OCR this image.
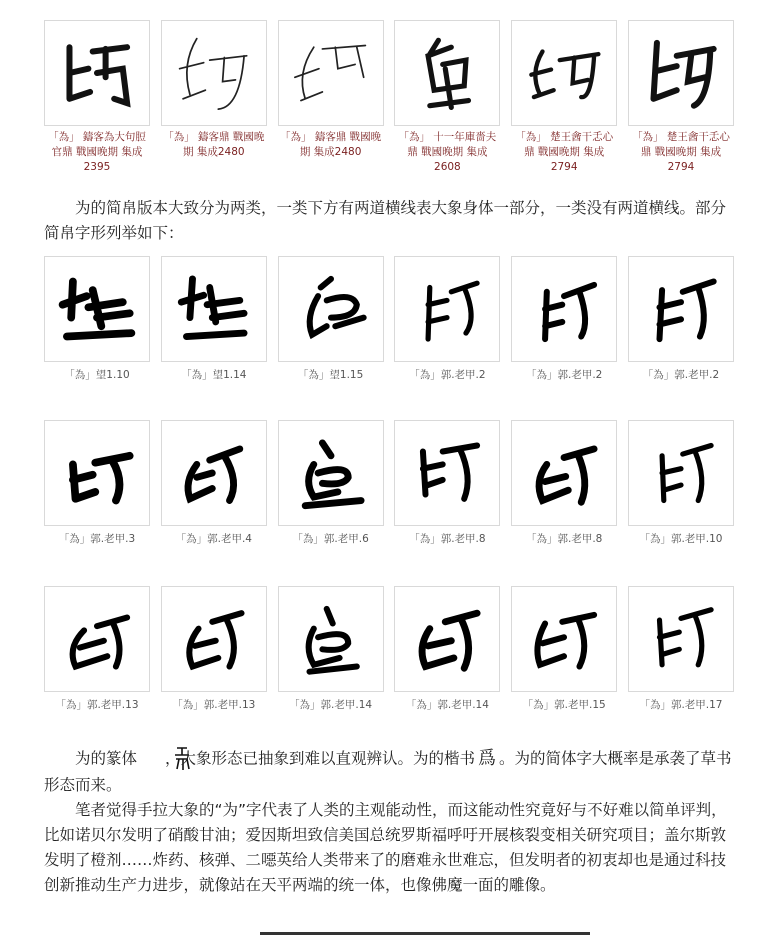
「為」 鑄客為大句脰官鼎 戰國晚期 集成2395
「為」 鑄客鼎 戰國晚期 集成2480
「為」 鑄客鼎 戰國晚期 集成2480
「為」 十一年庫嗇夫鼎 戰國晚期 集成2608
「為」 楚王酓干忎心鼎 戰國晚期 集成2794
「為」 楚王酓干忎心鼎 戰國晚期 集成2794

为的简帛版本大致分为两类，一类下方有两道横线表大象身体一部分，一类没有两道横线。部分简帛字形列举如下：

「為」望1.10	「為」望1.14	「為」望1.15	「為」郭.老甲.2	「為」郭.老甲.2	「為」郭.老甲.2
「為」郭.老甲.3	「為」郭.老甲.4	「為」郭.老甲.6	「為」郭.老甲.8	「為」郭.老甲.8	「為」郭.老甲.10
「為」郭.老甲.13	「為」郭.老甲.13	「為」郭.老甲.14	「為」郭.老甲.14	「為」郭.老甲.15	「為」郭.老甲.17

为的篆体 ，大象形态已抽象到难以直观辨认。为的楷书 爲 。为的简体字大概率是承袭了草书形态而来。

笔者觉得手拉大象的“为”字代表了人类的主观能动性，而这能动性究竟好与不好难以简单评判，比如诺贝尔发明了硝酸甘油；爱因斯坦致信美国总统罗斯福呼吁开展核裂变相关研究项目；盖尔斯敦发明了橙剂……炸药、核弹、二噁英给人类带来了的磨难永世难忘，但发明者的初衷却也是通过科技创新推动生产力进步，就像站在天平两端的统一体，也像佛魔一面的雕像。
